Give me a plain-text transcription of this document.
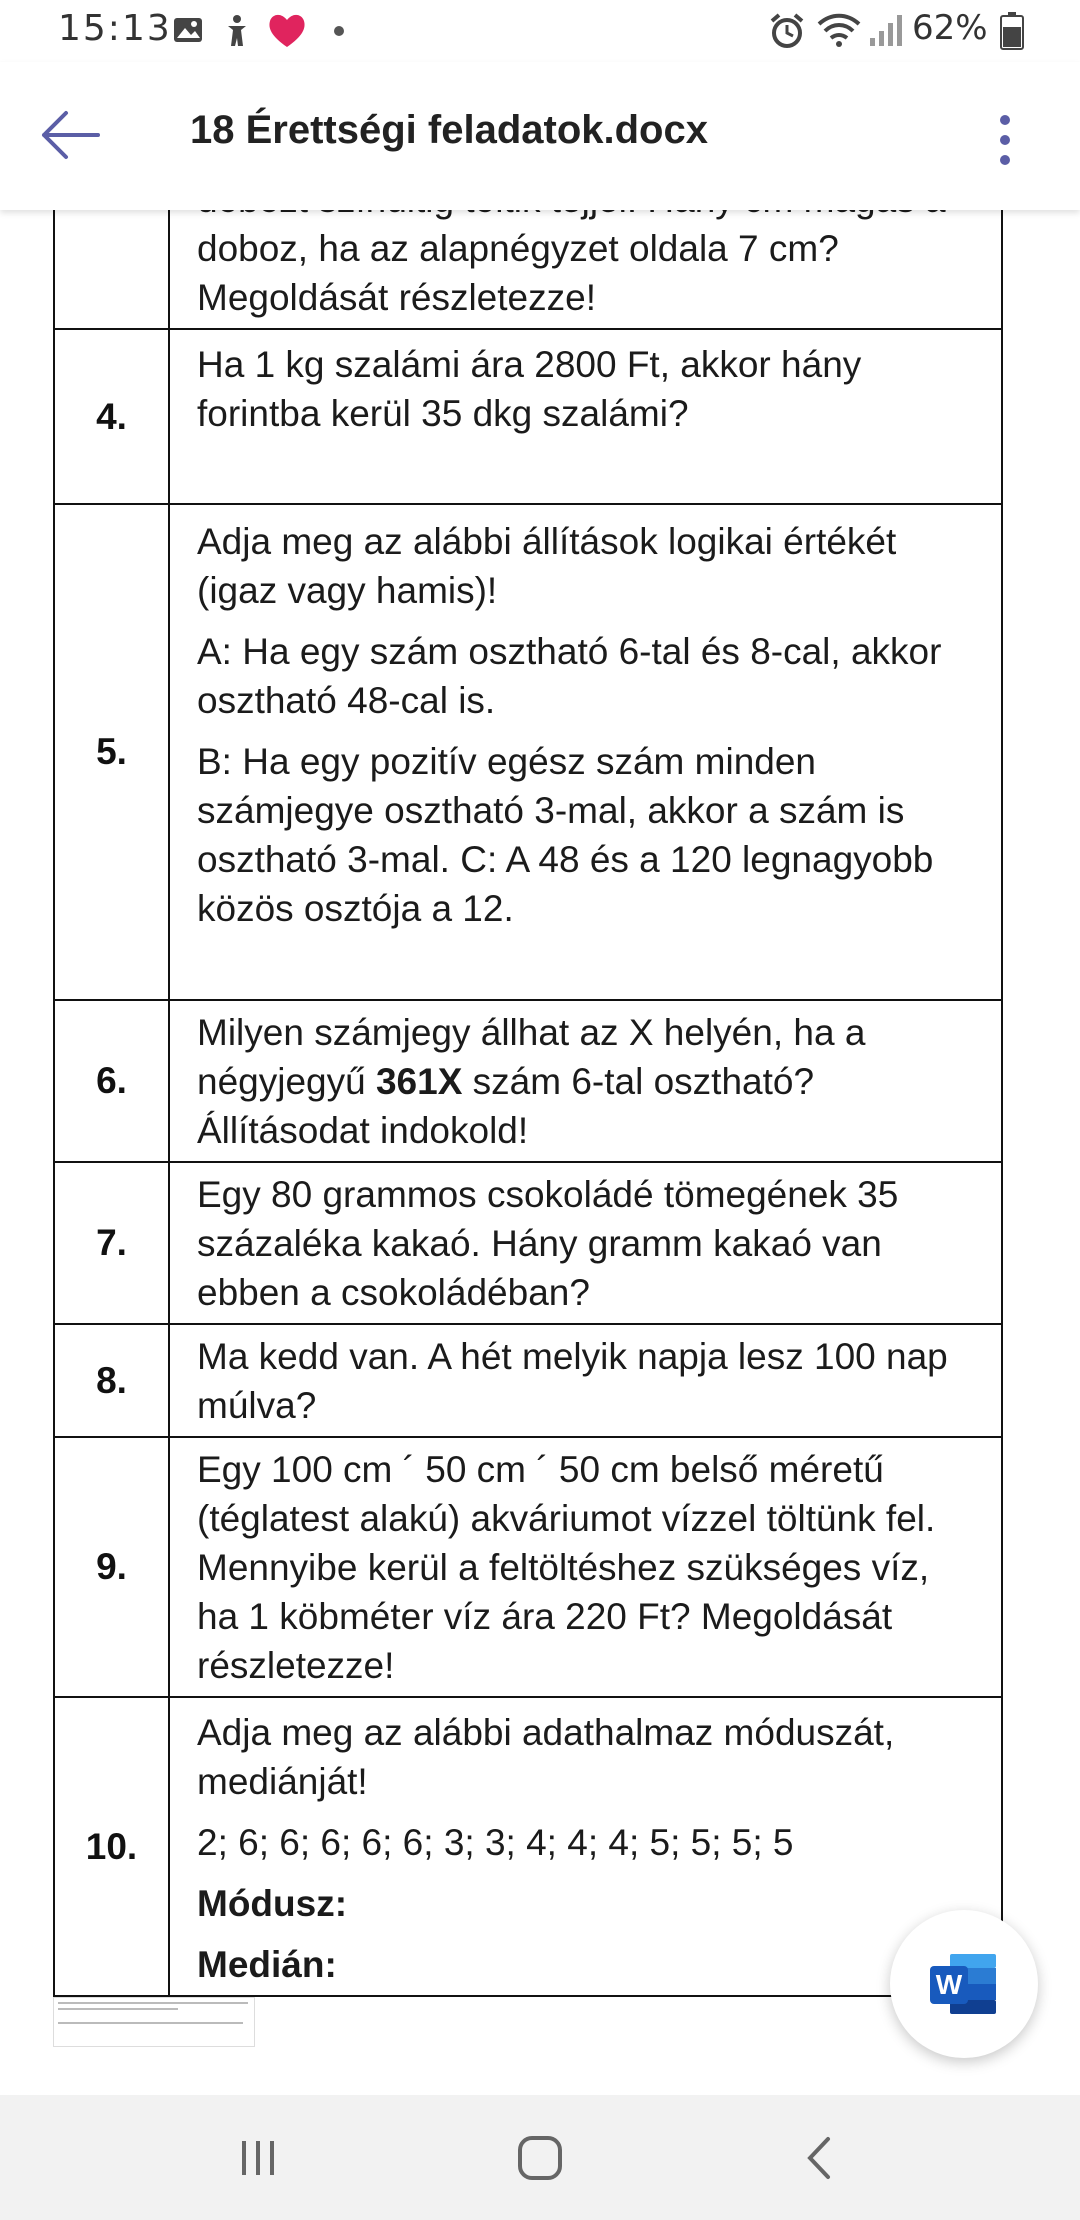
15:13	62%
18 Érettségi feladatok.docx

doboz, ha az alapnégyzet oldala 7 cm? Megoldását részletezze!

4.	Ha 1 kg szalámi ára 2800 Ft, akkor hány forintba kerül 35 dkg szalámi?

5.	Adja meg az alábbi állítások logikai értékét (igaz vagy hamis)!

A: Ha egy szám osztható 6-tal és 8-cal, akkor osztható 48-cal is.

B: Ha egy pozitív egész szám minden számjegye osztható 3-mal, akkor a szám is osztható 3-mal. C: A 48 és a 120 legnagyobb közös osztója a 12.

6.	Milyen számjegy állhat az X helyén, ha a négyjegyű 361X szám 6-tal osztható? Állításodat indokold!

7.	Egy 80 grammos csokoládé tömegének 35 százaléka kakaó. Hány gramm kakaó van ebben a csokoládéban?

8.	Ma kedd van. A hét melyik napja lesz 100 nap múlva?

9.	Egy 100 cm ´ 50 cm ´ 50 cm belső méretű (téglatest alakú) akváriumot vízzel töltünk fel. Mennyibe kerül a feltöltéshez szükséges víz, ha 1 köbméter víz ára 220 Ft? Megoldását részletezze!

10.	Adja meg az alábbi adathalmaz móduszát, mediánját!

2; 6; 6; 6; 6; 6; 3; 3; 4; 4; 4; 5; 5; 5; 5

Módusz:

Medián:	W
